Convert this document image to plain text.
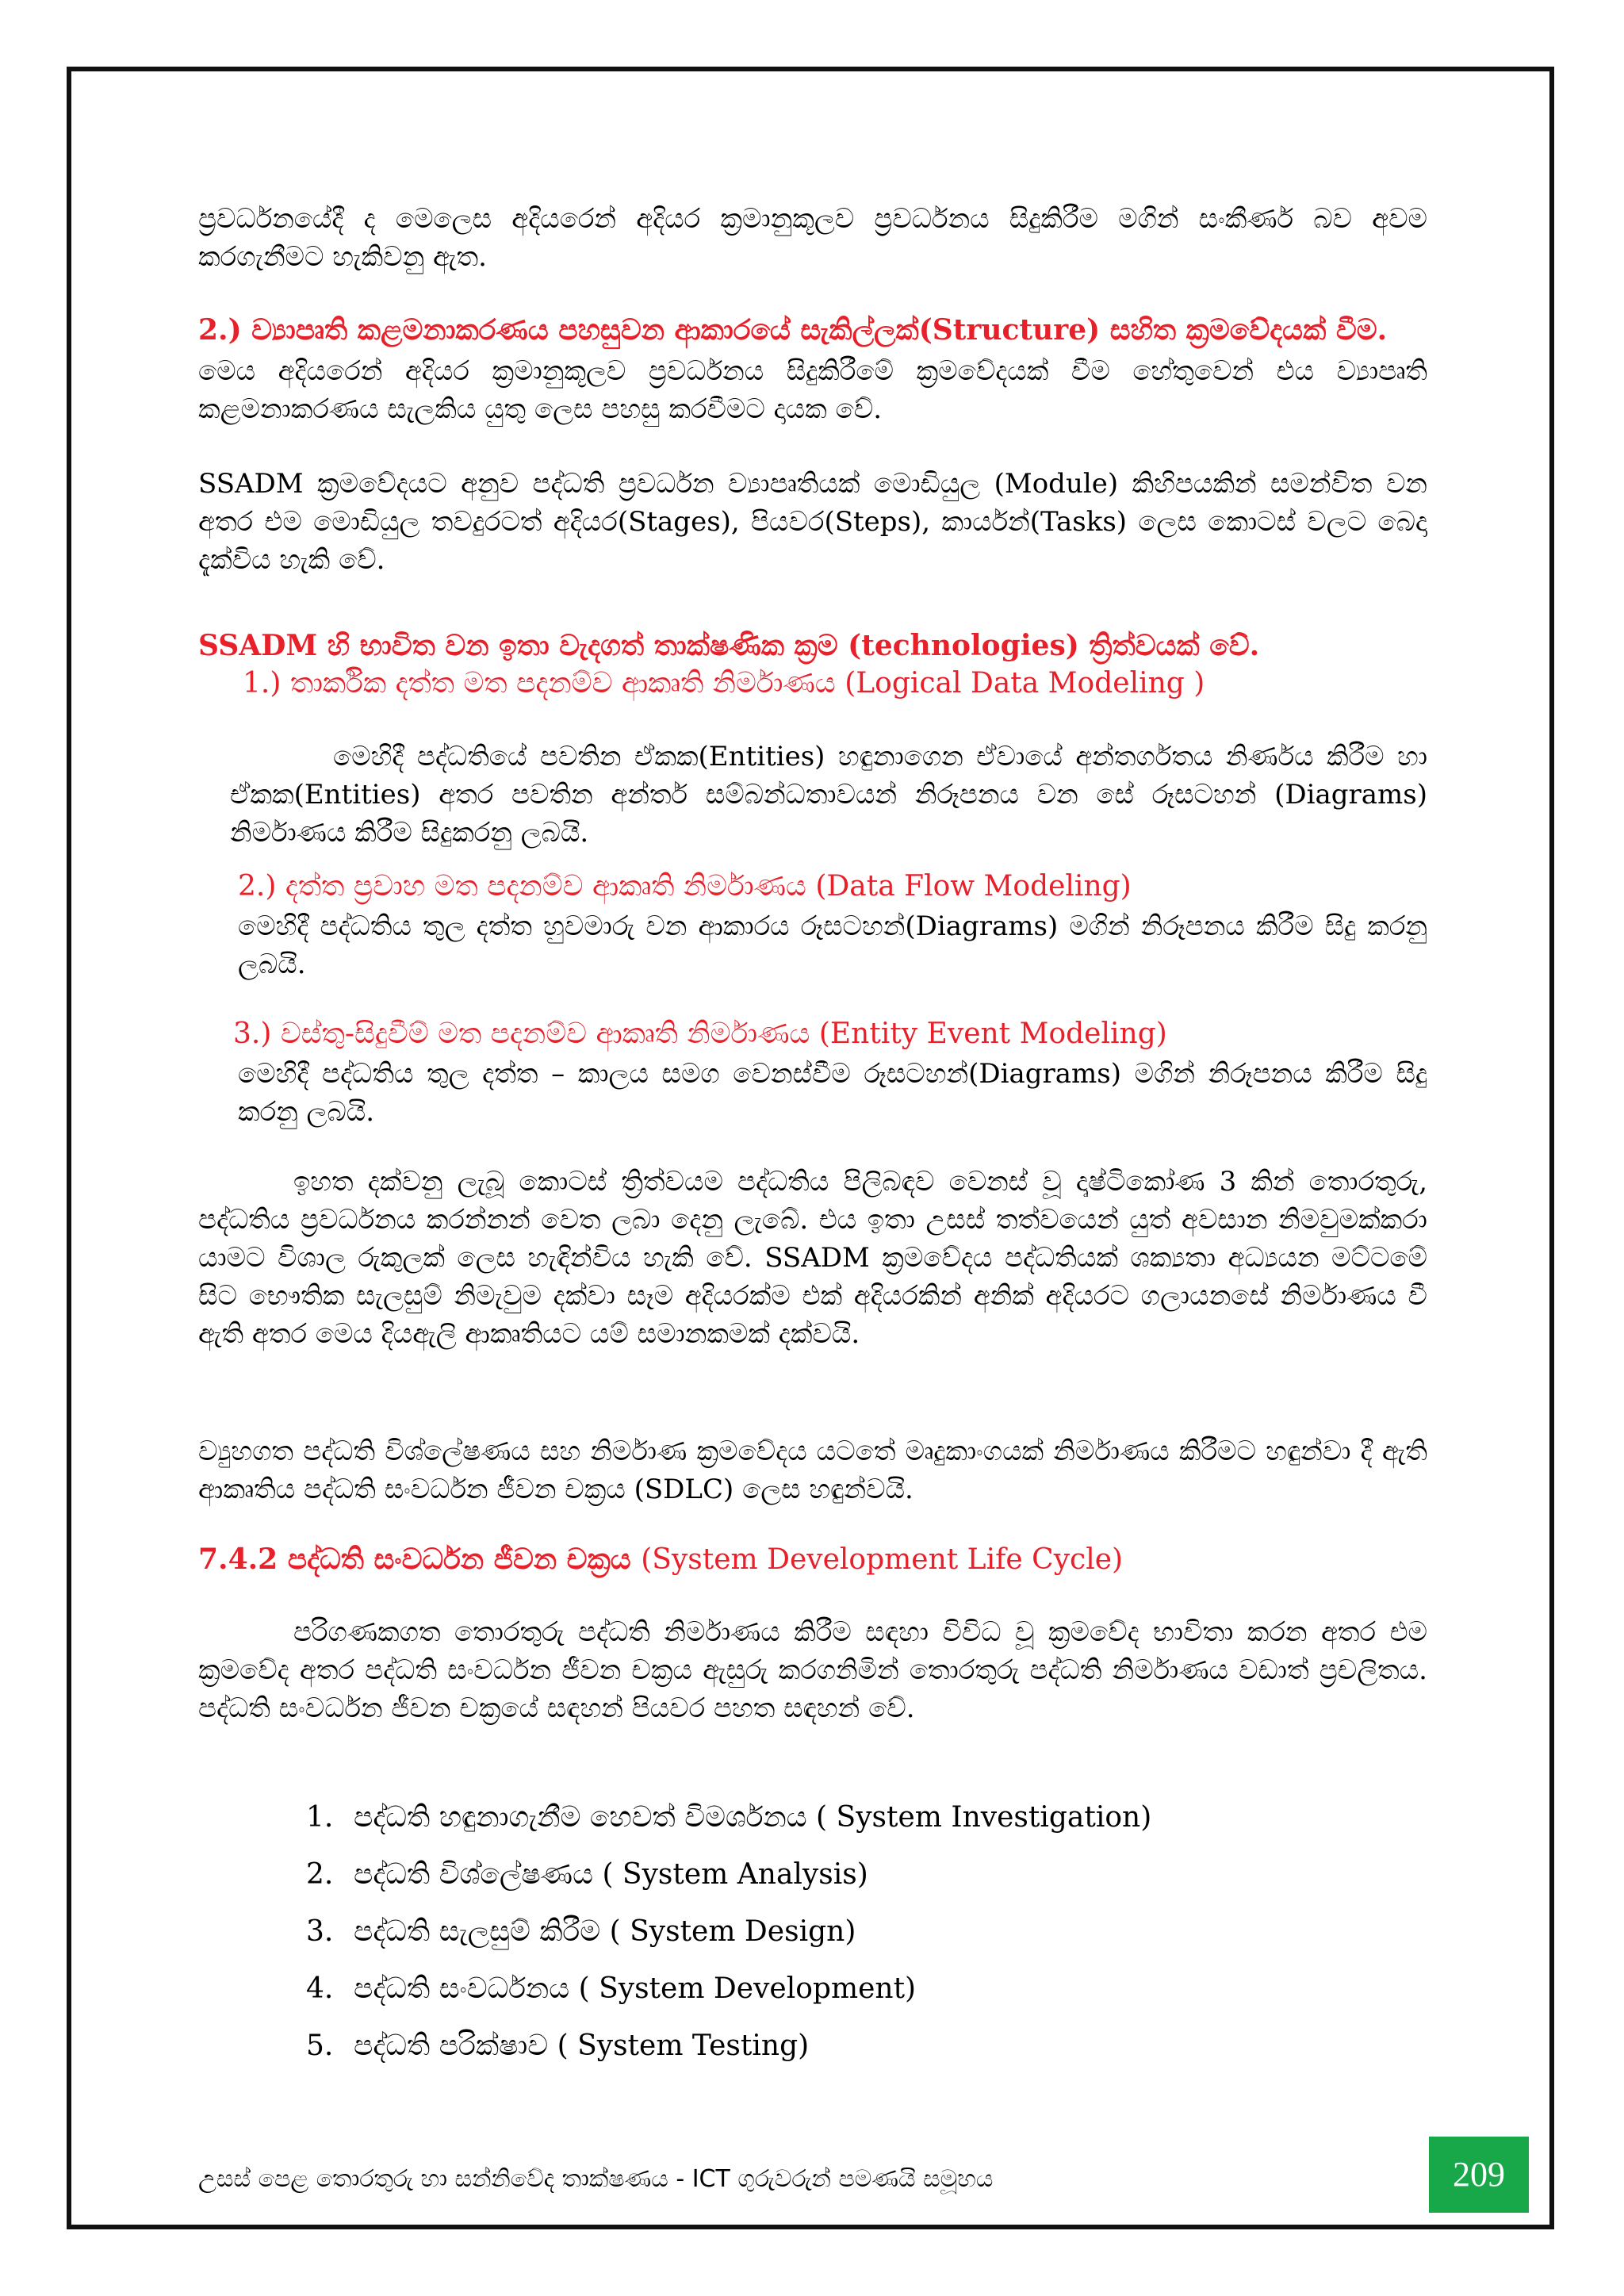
ප්‍රවර්ධනයේදී ද මෙලෙස අදියරෙන් අදියර ක්‍රමානුකූලව ප්‍රවර්ධනය සිදුකිරීම මගින් සංකීර්ණ බව අවම කරගැනීමට හැකිවනු ඇත.

2.) ව්‍යාපෘති කළමනාකරණය පහසුවන ආකාරයේ සැකිල්ලක්(Structure) සහිත ක්‍රමවේදයක් වීම.

මෙය අදියරෙන් අදියර ක්‍රමානුකූලව ප්‍රවර්ධනය සිදුකිරීමේ ක්‍රමවේදයක් වීම හේතුවෙන් එය ව්‍යාපෘති කළමනාකරණය සැලකිය යුතු ලෙස පහසු කරවීමට දායක වේ.

SSADM ක්‍රමවේදයට අනුව පද්ධති ප්‍රවර්ධන ව්‍යාපෘතියක් මොඩියුල (Module) කිහිපයකින් සමන්විත වන අතර එම මොඩියුල තවදුරටත් අදියර(Stages), පියවර(Steps), කාර්යන්(Tasks) ලෙස කොටස් වලට බෙදා දැක්විය හැකි වේ.

SSADM හි භාවිත වන ඉතා වැදගත් තාක්ෂණික ක්‍රම (technologies) ත්‍රිත්වයක් වේ.

1.) තාර්කික දත්ත මත පදනම්ව ආකෘති නිර්මාණය (Logical Data Modeling )

මෙහිදී පද්ධතියේ පවතින ඒකක(Entities) හඳුනාගෙන ඒවායේ අන්තර්ගතය නිර්ණය කිරීම හා ඒකක(Entities) අතර පවතින අන්තර් සම්බන්ධතාවයන් නිරූපනය වන සේ රූසටහන් (Diagrams) නිර්මාණය කිරීම සිදුකරනු ලබයි.

2.) දත්ත ප්‍රවාහ මත පදනම්ව ආකෘති නිර්මාණය (Data Flow Modeling)

මෙහිදී පද්ධතිය තුල දත්ත හුවමාරු වන ආකාරය රූසටහන්(Diagrams) මගින් නිරූපනය කිරීම සිදු කරනු ලබයි.

3.) වස්තු-සිදුවීම් මත පදනම්ව ආකෘති නිර්මාණය (Entity Event Modeling)

මෙහිදී පද්ධතිය තුල දත්ත – කාලය සමග වෙනස්වීම රූසටහන්(Diagrams) මගින් නිරූපනය කිරීම සිදු කරනු ලබයි.

ඉහත දක්වනු ලැබූ කොටස් ත්‍රිත්වයම පද්ධතිය පිලිබඳව වෙනස් වූ දෘෂ්ටිකෝණ 3 කින් තොරතුරු, පද්ධතිය ප්‍රවර්ධනය කරන්නන් වෙත ලබා දෙනු ලැබේ. එය ඉතා උසස් තත්වයෙන් යුත් අවසාන නිමවුමක්කරා යාමට විශාල රුකුලක් ලෙස හැඳින්විය හැකි වේ. SSADM ක්‍රමවේදය පද්ධතියක් ශක්‍යතා අධ්‍යයන මට්ටමේ සිට භෞතික සැලසුම් නිමැවුම දක්වා සෑම අදියරක්ම එක් අදියරකින් අනික් අදියරට ගලායනසේ නිර්මාණය වී ඇති අතර මෙය දියඇලි ආකෘතියට යම් සමානකමක් දක්වයි.

ව්‍යුහගත පද්ධති විශ්ලේෂණය සහ නිර්මාණ ක්‍රමවේදය යටතේ මෘදුකාංගයක් නිර්මාණය කිරීමට හඳුන්වා දී ඇති ආකෘතිය පද්ධති සංවර්ධන ජීවන චක්‍රය (SDLC) ලෙස හඳුන්වයි.

7.4.2 පද්ධති සංවර්ධන ජීවන චක්‍රය (System Development Life Cycle)

පරිගණකගත තොරතුරු පද්ධති නිර්මාණය කිරීම සඳහා විවිධ වූ ක්‍රමවේද භාවිතා කරන අතර එම ක්‍රමවේද අතර පද්ධති සංවර්ධන ජීවන චක්‍රය ඇසුරු කරගනිමින් තොරතුරු පද්ධති නිර්මාණය වඩාත් ප්‍රචලිතය. පද්ධති සංවර්ධන ජීවන චක්‍රයේ සඳහන් පියවර පහත සඳහන් වේ.

1. පද්ධති හඳුනාගැනීම හෙවත් විමර්ශනය ( System Investigation)
2. පද්ධති විශ්ලේෂණය ( System Analysis)
3. පද්ධති සැලසුම් කිරීම ( System Design)
4. පද්ධති සංවර්ධනය ( System Development)
5. පද්ධති පරික්ෂාව ( System Testing)
උසස් පෙළ තොරතුරු හා සන්නිවේද තාක්ෂණය - ICT ගුරුවරුන් පමණයි සමූහය	209
